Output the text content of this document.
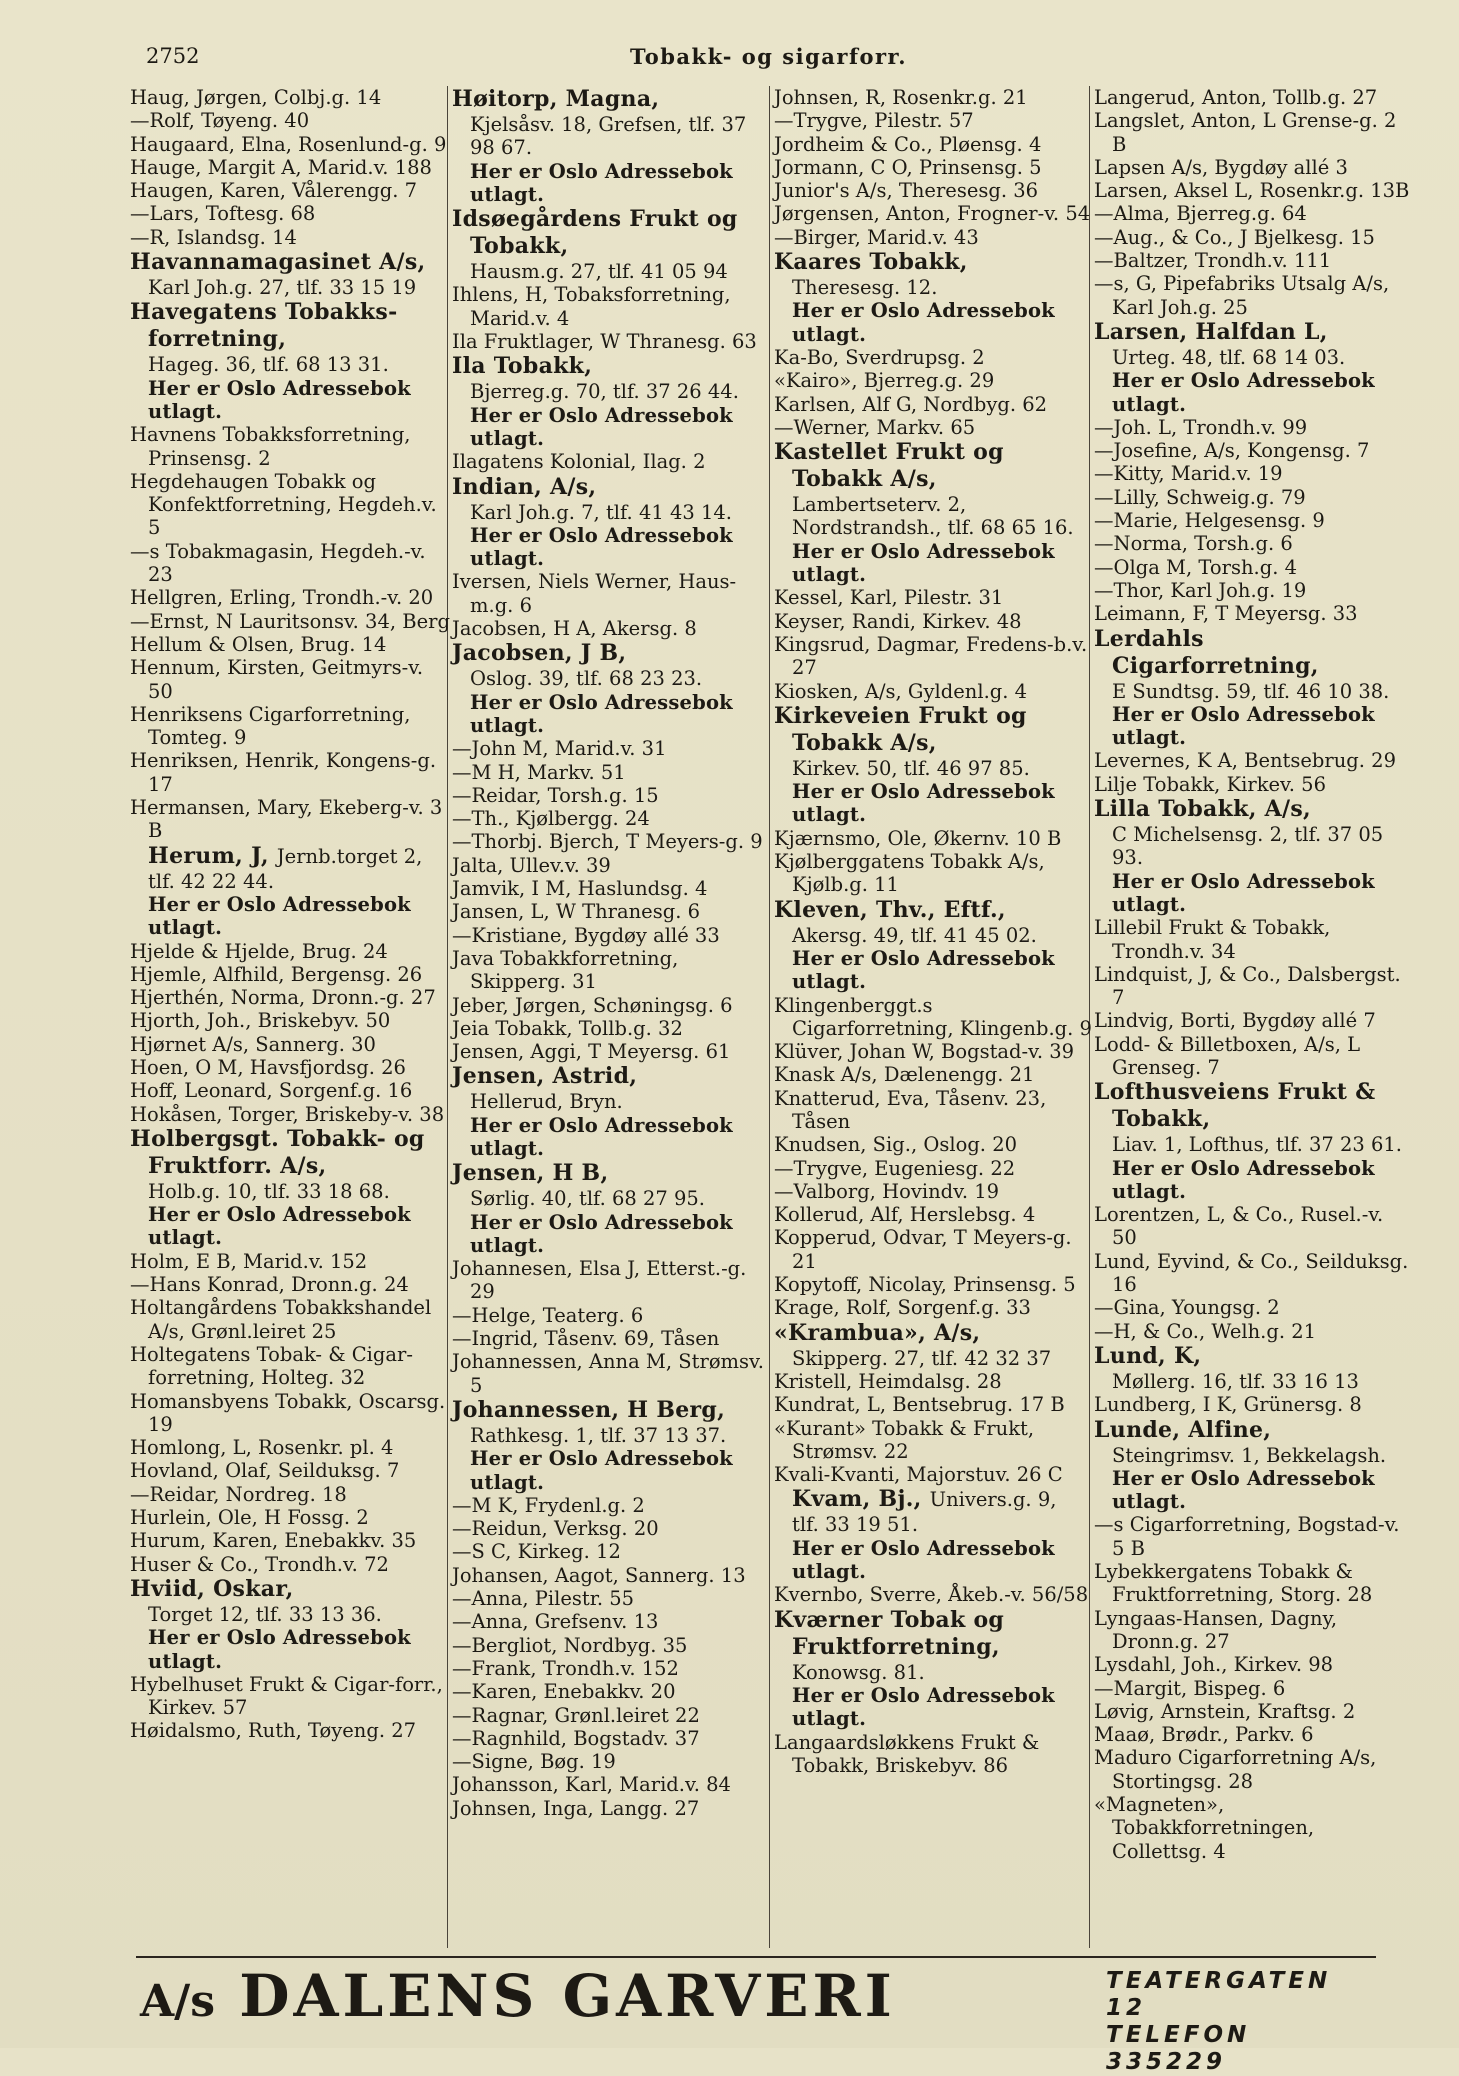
2752	Tobakk- og sigarforr.
Haug, Jørgen, Colbj.g. 14
—Rolf, Tøyeng. 40
Haugaard, Elna, Rosenlund-g. 9
Hauge, Margit A, Marid.v. 188
Haugen, Karen, Vålerengg. 7
—Lars, Toftesg. 68
—R, Islandsg. 14
Havannamagasinet A/s,
Karl Joh.g. 27, tlf. 33 15 19
Havegatens Tobakks-forretning,
Hageg. 36, tlf. 68 13 31.
Her er Oslo Adressebok utlagt.
Havnens Tobakksforretning, Prinsensg. 2
Hegdehaugen Tobakk og Konfektforretning, Hegdeh.v. 5
—s Tobakmagasin, Hegdeh.-v. 23
Hellgren, Erling, Trondh.-v. 20
—Ernst, N Lauritsonsv. 34, Berg
Hellum & Olsen, Brug. 14
Hennum, Kirsten, Geitmyrs-v. 50
Henriksens Cigarforretning, Tomteg. 9
Henriksen, Henrik, Kongens-g. 17
Hermansen, Mary, Ekeberg-v. 3 B
Herum, J, Jernb.torget 2,
tlf. 42 22 44.
Her er Oslo Adressebok utlagt.
Hjelde & Hjelde, Brug. 24
Hjemle, Alfhild, Bergensg. 26
Hjerthén, Norma, Dronn.-g. 27
Hjorth, Joh., Briskebyv. 50
Hjørnet A/s, Sannerg. 30
Hoen, O M, Havsfjordsg. 26
Hoff, Leonard, Sorgenf.g. 16
Hokåsen, Torger, Briskeby-v. 38
Holbergsgt. Tobakk- og Fruktforr. A/s,
Holb.g. 10, tlf. 33 18 68.
Her er Oslo Adressebok utlagt.
Holm, E B, Marid.v. 152
—Hans Konrad, Dronn.g. 24
Holtangårdens Tobakkshandel A/s, Grønl.leiret 25
Holtegatens Tobak- & Cigar-forretning, Holteg. 32
Homansbyens Tobakk, Oscarsg. 19
Homlong, L, Rosenkr. pl. 4
Hovland, Olaf, Seilduksg. 7
—Reidar, Nordreg. 18
Hurlein, Ole, H Fossg. 2
Hurum, Karen, Enebakkv. 35
Huser & Co., Trondh.v. 72
Hviid, Oskar,
Torget 12, tlf. 33 13 36.
Her er Oslo Adressebok utlagt.
Hybelhuset Frukt & Cigar-forr., Kirkev. 57
Høidalsmo, Ruth, Tøyeng. 27
Høitorp, Magna,
Kjelsåsv. 18, Grefsen, tlf. 37 98 67.
Her er Oslo Adressebok utlagt.
Idsøegårdens Frukt og Tobakk,
Hausm.g. 27, tlf. 41 05 94
Ihlens, H, Tobaksforretning, Marid.v. 4
Ila Fruktlager, W Thranesg. 63
Ila Tobakk,
Bjerreg.g. 70, tlf. 37 26 44.
Her er Oslo Adressebok utlagt.
Ilagatens Kolonial, Ilag. 2
Indian, A/s,
Karl Joh.g. 7, tlf. 41 43 14.
Her er Oslo Adressebok utlagt.
Iversen, Niels Werner, Haus-m.g. 6
Jacobsen, H A, Akersg. 8
Jacobsen, J B,
Oslog. 39, tlf. 68 23 23.
Her er Oslo Adressebok utlagt.
—John M, Marid.v. 31
—M H, Markv. 51
—Reidar, Torsh.g. 15
—Th., Kjølbergg. 24
—Thorbj. Bjerch, T Meyers-g. 9
Jalta, Ullev.v. 39
Jamvik, I M, Haslundsg. 4
Jansen, L, W Thranesg. 6
—Kristiane, Bygdøy allé 33
Java Tobakkforretning, Skipperg. 31
Jeber, Jørgen, Schøningsg. 6
Jeia Tobakk, Tollb.g. 32
Jensen, Aggi, T Meyersg. 61
Jensen, Astrid,
Hellerud, Bryn.
Her er Oslo Adressebok utlagt.
Jensen, H B,
Sørlig. 40, tlf. 68 27 95.
Her er Oslo Adressebok utlagt.
Johannesen, Elsa J, Etterst.-g. 29
—Helge, Teaterg. 6
—Ingrid, Tåsenv. 69, Tåsen
Johannessen, Anna M, Strømsv. 5
Johannessen, H Berg,
Rathkesg. 1, tlf. 37 13 37.
Her er Oslo Adressebok utlagt.
—M K, Frydenl.g. 2
—Reidun, Verksg. 20
—S C, Kirkeg. 12
Johansen, Aagot, Sannerg. 13
—Anna, Pilestr. 55
—Anna, Grefsenv. 13
—Bergliot, Nordbyg. 35
—Frank, Trondh.v. 152
—Karen, Enebakkv. 20
—Ragnar, Grønl.leiret 22
—Ragnhild, Bogstadv. 37
—Signe, Bøg. 19
Johansson, Karl, Marid.v. 84
Johnsen, Inga, Langg. 27
Johnsen, R, Rosenkr.g. 21
—Trygve, Pilestr. 57
Jordheim & Co., Pløensg. 4
Jormann, C O, Prinsensg. 5
Junior's A/s, Theresesg. 36
Jørgensen, Anton, Frogner-v. 54
—Birger, Marid.v. 43
Kaares Tobakk,
Theresesg. 12.
Her er Oslo Adressebok utlagt.
Ka-Bo, Sverdrupsg. 2
«Kairo», Bjerreg.g. 29
Karlsen, Alf G, Nordbyg. 62
—Werner, Markv. 65
Kastellet Frukt og Tobakk A/s,
Lambertseterv. 2, Nordstrandsh., tlf. 68 65 16.
Her er Oslo Adressebok utlagt.
Kessel, Karl, Pilestr. 31
Keyser, Randi, Kirkev. 48
Kingsrud, Dagmar, Fredens-b.v. 27
Kiosken, A/s, Gyldenl.g. 4
Kirkeveien Frukt og Tobakk A/s,
Kirkev. 50, tlf. 46 97 85.
Her er Oslo Adressebok utlagt.
Kjærnsmo, Ole, Økernv. 10 B
Kjølberggatens Tobakk A/s, Kjølb.g. 11
Kleven, Thv., Eftf.,
Akersg. 49, tlf. 41 45 02.
Her er Oslo Adressebok utlagt.
Klingenberggt.s Cigarforretning, Klingenb.g. 9
Klüver, Johan W, Bogstad-v. 39
Knask A/s, Dælenengg. 21
Knatterud, Eva, Tåsenv. 23, Tåsen
Knudsen, Sig., Oslog. 20
—Trygve, Eugeniesg. 22
—Valborg, Hovindv. 19
Kollerud, Alf, Herslebsg. 4
Kopperud, Odvar, T Meyers-g. 21
Kopytoff, Nicolay, Prinsensg. 5
Krage, Rolf, Sorgenf.g. 33
«Krambua», A/s,
Skipperg. 27, tlf. 42 32 37
Kristell, Heimdalsg. 28
Kundrat, L, Bentsebrug. 17 B
«Kurant» Tobakk & Frukt, Strømsv. 22
Kvali-Kvanti, Majorstuv. 26 C
Kvam, Bj., Univers.g. 9,
tlf. 33 19 51.
Her er Oslo Adressebok utlagt.
Kvernbo, Sverre, Åkeb.-v. 56/58
Kværner Tobak og Fruktforretning,
Konowsg. 81.
Her er Oslo Adressebok utlagt.
Langaardsløkkens Frukt & Tobakk, Briskebyv. 86
Langerud, Anton, Tollb.g. 27
Langslet, Anton, L Grense-g. 2 B
Lapsen A/s, Bygdøy allé 3
Larsen, Aksel L, Rosenkr.g. 13B
—Alma, Bjerreg.g. 64
—Aug., & Co., J Bjelkesg. 15
—Baltzer, Trondh.v. 111
—s, G, Pipefabriks Utsalg A/s, Karl Joh.g. 25
Larsen, Halfdan L,
Urteg. 48, tlf. 68 14 03.
Her er Oslo Adressebok utlagt.
—Joh. L, Trondh.v. 99
—Josefine, A/s, Kongensg. 7
—Kitty, Marid.v. 19
—Lilly, Schweig.g. 79
—Marie, Helgesensg. 9
—Norma, Torsh.g. 6
—Olga M, Torsh.g. 4
—Thor, Karl Joh.g. 19
Leimann, F, T Meyersg. 33
Lerdahls Cigarforretning,
E Sundtsg. 59, tlf. 46 10 38.
Her er Oslo Adressebok utlagt.
Levernes, K A, Bentsebrug. 29
Lilje Tobakk, Kirkev. 56
Lilla Tobakk, A/s,
C Michelsensg. 2, tlf. 37 05 93.
Her er Oslo Adressebok utlagt.
Lillebil Frukt & Tobakk, Trondh.v. 34
Lindquist, J, & Co., Dalsbergst. 7
Lindvig, Borti, Bygdøy allé 7
Lodd- & Billetboxen, A/s, L Grenseg. 7
Lofthusveiens Frukt & Tobakk,
Liav. 1, Lofthus, tlf. 37 23 61.
Her er Oslo Adressebok utlagt.
Lorentzen, L, & Co., Rusel.-v. 50
Lund, Eyvind, & Co., Seilduksg. 16
—Gina, Youngsg. 2
—H, & Co., Welh.g. 21
Lund, K,
Møllerg. 16, tlf. 33 16 13
Lundberg, I K, Grünersg. 8
Lunde, Alfine,
Steingrimsv. 1, Bekkelagsh.
Her er Oslo Adressebok utlagt.
—s Cigarforretning, Bogstad-v. 5 B
Lybekkergatens Tobakk & Fruktforretning, Storg. 28
Lyngaas-Hansen, Dagny, Dronn.g. 27
Lysdahl, Joh., Kirkev. 98
—Margit, Bispeg. 6
Løvig, Arnstein, Kraftsg. 2
Maaø, Brødr., Parkv. 6
Maduro Cigarforretning A/s, Stortingsg. 28
«Magneten», Tobakkforretningen, Collettsg. 4
A/s DALENS GARVERI	TEATERGATEN 12
TELEFON 335229
